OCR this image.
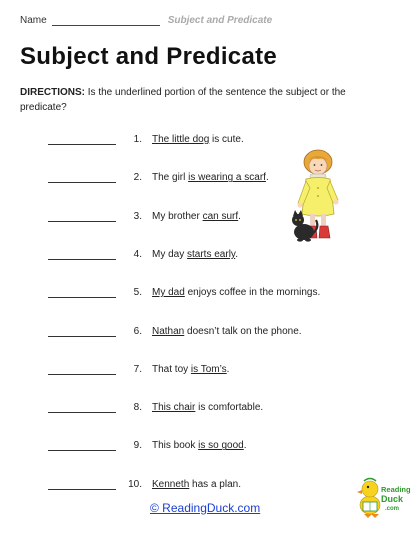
Name	Subject and Predicate
Subject and Predicate
DIRECTIONS: Is the underlined portion of the sentence the subject or the predicate?
1. The little dog is cute.
2. The girl is wearing a scarf.
3. My brother can surf.
4. My day starts early.
5. My dad enjoys coffee in the mornings.
6. Nathan doesn’t talk on the phone.
7. That toy is Tom’s.
8. This chair is comfortable.
9. This book is so good.
10. Kenneth has a plan.
© ReadingDuck.com
Reading
Duck
.com
